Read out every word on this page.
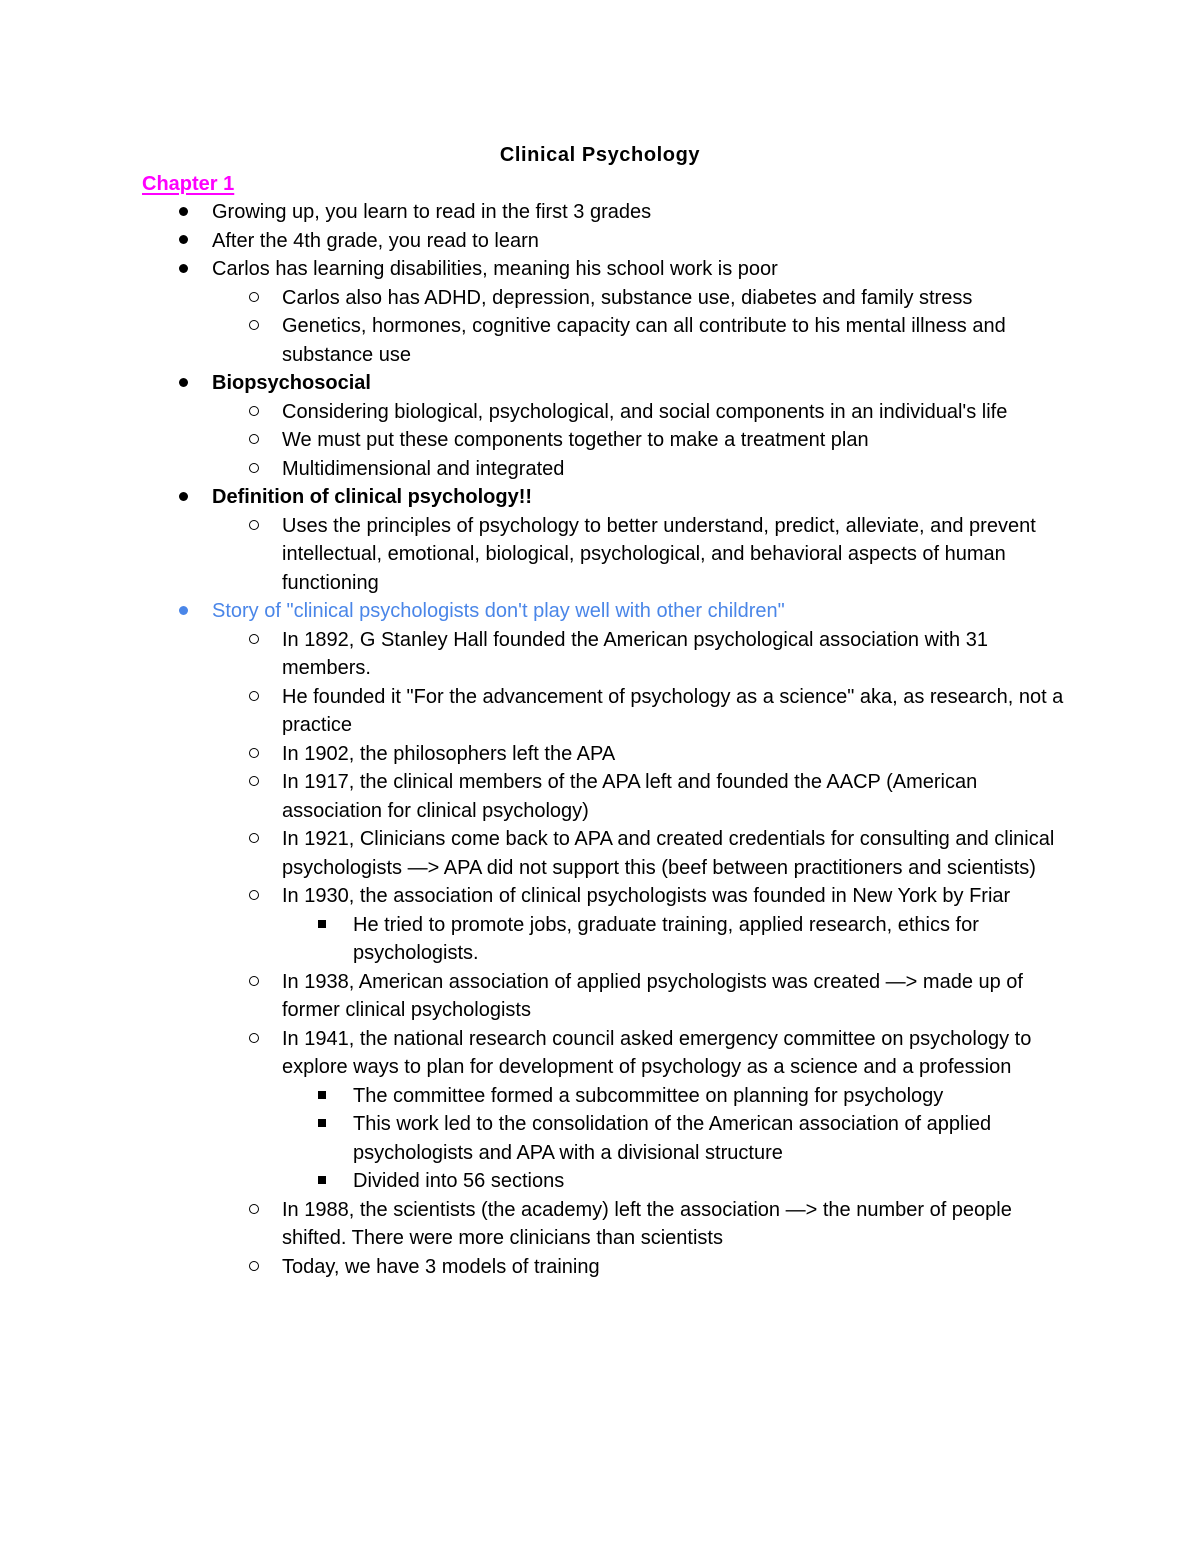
Clinical Psychology
Chapter 1
Growing up, you learn to read in the first 3 grades
After the 4th grade, you read to learn
Carlos has learning disabilities, meaning his school work is poor
Carlos also has ADHD, depression, substance use, diabetes and family stress
Genetics, hormones, cognitive capacity can all contribute to his mental illness and substance use
Biopsychosocial
Considering biological, psychological, and social components in an individual's life
We must put these components together to make a treatment plan
Multidimensional and integrated
Definition of clinical psychology!!
Uses the principles of psychology to better understand, predict, alleviate, and prevent intellectual, emotional, biological, psychological, and behavioral aspects of human functioning
Story of "clinical psychologists don't play well with other children"
In 1892, G Stanley Hall founded the American psychological association with 31 members.
He founded it "For the advancement of psychology as a science" aka, as research, not a practice
In 1902, the philosophers left the APA
In 1917, the clinical members of the APA left and founded the AACP (American association for clinical psychology)
In 1921, Clinicians come back to APA and created credentials for consulting and clinical psychologists —> APA did not support this (beef between practitioners and scientists)
In 1930, the association of clinical psychologists was founded in New York by Friar
He tried to promote jobs, graduate training, applied research, ethics for psychologists.
In 1938, American association of applied psychologists was created —> made up of former clinical psychologists
In 1941, the national research council asked emergency committee on psychology to explore ways to plan for development of psychology as a science and a profession
The committee formed a subcommittee on planning for psychology
This work led to the consolidation of the American association of applied psychologists and APA with a divisional structure
Divided into 56 sections
In 1988, the scientists (the academy) left the association —> the number of people shifted. There were more clinicians than scientists
Today, we have 3 models of training
